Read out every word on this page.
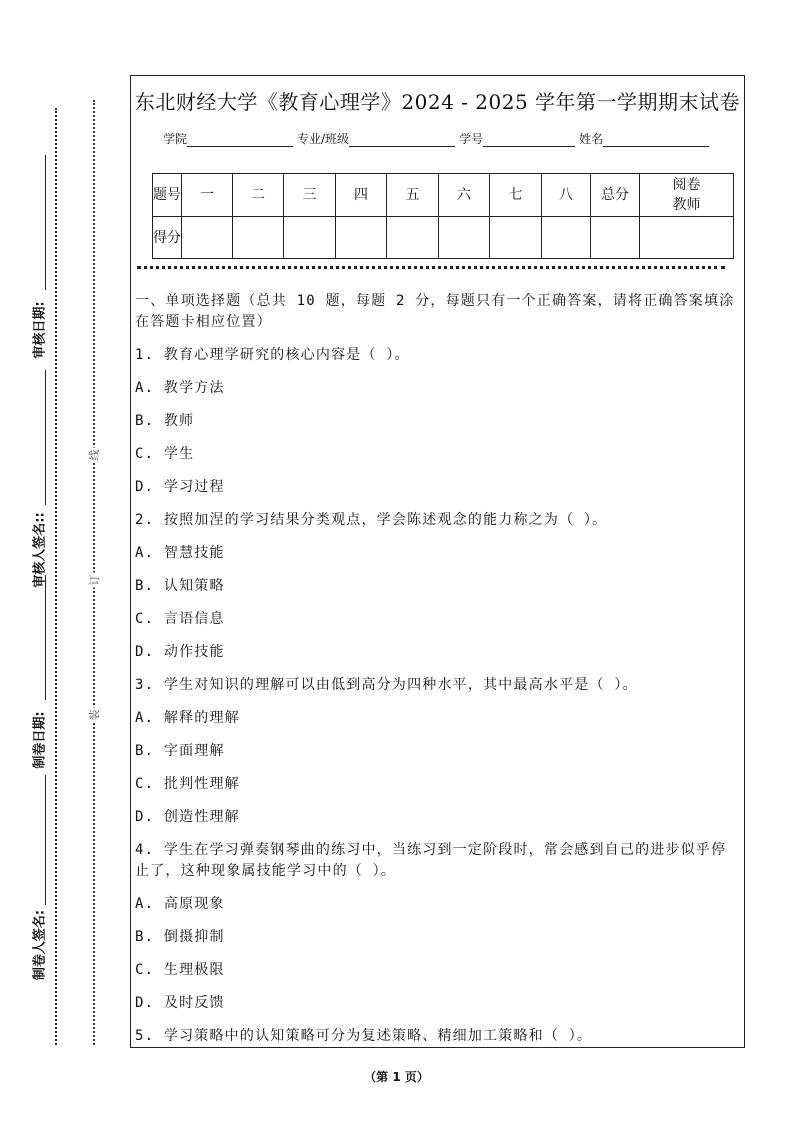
线
订
装
审核日期:
审核人签名::
制卷日期:
制卷人签名:
东北财经大学《教育心理学》2024 - 2025 学年第一学期期末试卷
学院	专业/班级	学号	姓名
题号	一	二	三	四	五	六	七	八	总分	阅卷教师
得分										
一、单项选择题（总共 10 题，每题 2 分，每题只有一个正确答案，请将正确答案填涂在答题卡相应位置）
1. 教育心理学研究的核心内容是（ ）。
A. 教学方法
B. 教师
C. 学生
D. 学习过程
2. 按照加涅的学习结果分类观点，学会陈述观念的能力称之为（ ）。
A. 智慧技能
B. 认知策略
C. 言语信息
D. 动作技能
3. 学生对知识的理解可以由低到高分为四种水平，其中最高水平是（ ）。
A. 解释的理解
B. 字面理解
C. 批判性理解
D. 创造性理解
4. 学生在学习弹奏钢琴曲的练习中，当练习到一定阶段时，常会感到自己的进步似乎停止了，这种现象属技能学习中的（ ）。
A. 高原现象
B. 倒摄抑制
C. 生理极限
D. 及时反馈
5. 学习策略中的认知策略可分为复述策略、精细加工策略和（ ）。
（第 1 页）
